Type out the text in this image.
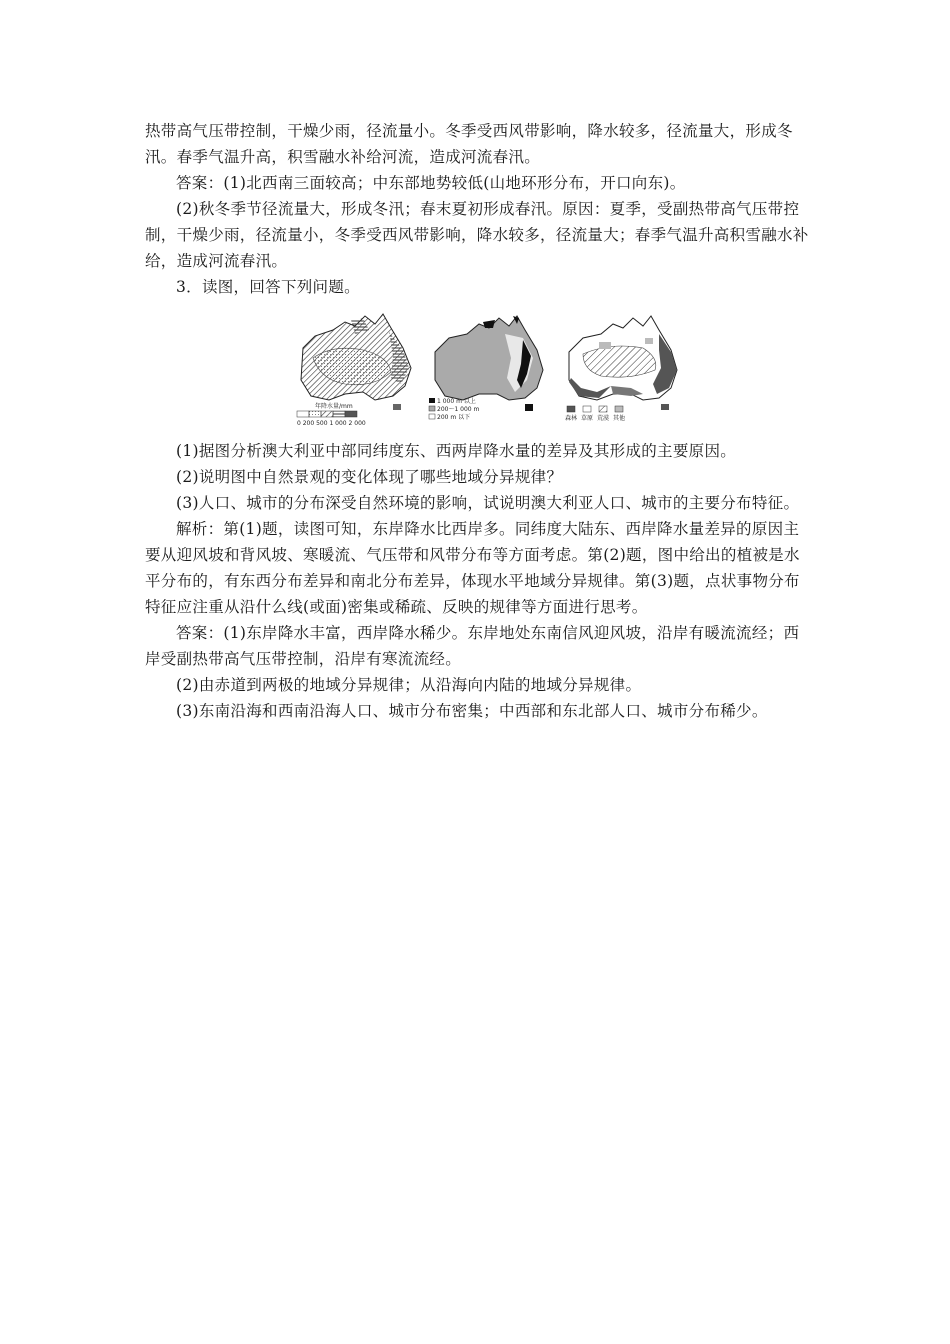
热带高气压带控制，干燥少雨，径流量小。冬季受西风带影响，降水较多，径流量大，形成冬汛。春季气温升高，积雪融水补给河流，造成河流春汛。

答案：(1)北西南三面较高；中东部地势较低(山地环形分布，开口向东)。

(2)秋冬季节径流量大，形成冬汛；春末夏初形成春汛。原因：夏季，受副热带高气压带控制，干燥少雨，径流量小，冬季受西风带影响，降水较多，径流量大；春季气温升高积雪融水补给，造成河流春汛。

3．读图，回答下列问题。

年降水量/mm
0 200 500 1 000 2 000
1 000 m 以上
200～1 000 m
200 m 以下	森林 草原 荒漠 其他

(1)据图分析澳大利亚中部同纬度东、西两岸降水量的差异及其形成的主要原因。

(2)说明图中自然景观的变化体现了哪些地域分异规律？

(3)人口、城市的分布深受自然环境的影响，试说明澳大利亚人口、城市的主要分布特征。

解析：第(1)题，读图可知，东岸降水比西岸多。同纬度大陆东、西岸降水量差异的原因主要从迎风坡和背风坡、寒暖流、气压带和风带分布等方面考虑。第(2)题，图中给出的植被是水平分布的，有东西分布差异和南北分布差异，体现水平地域分异规律。第(3)题，点状事物分布特征应注重从沿什么线(或面)密集或稀疏、反映的规律等方面进行思考。

答案：(1)东岸降水丰富，西岸降水稀少。东岸地处东南信风迎风坡，沿岸有暖流流经；西岸受副热带高气压带控制，沿岸有寒流流经。

(2)由赤道到两极的地域分异规律；从沿海向内陆的地域分异规律。

(3)东南沿海和西南沿海人口、城市分布密集；中西部和东北部人口、城市分布稀少。
